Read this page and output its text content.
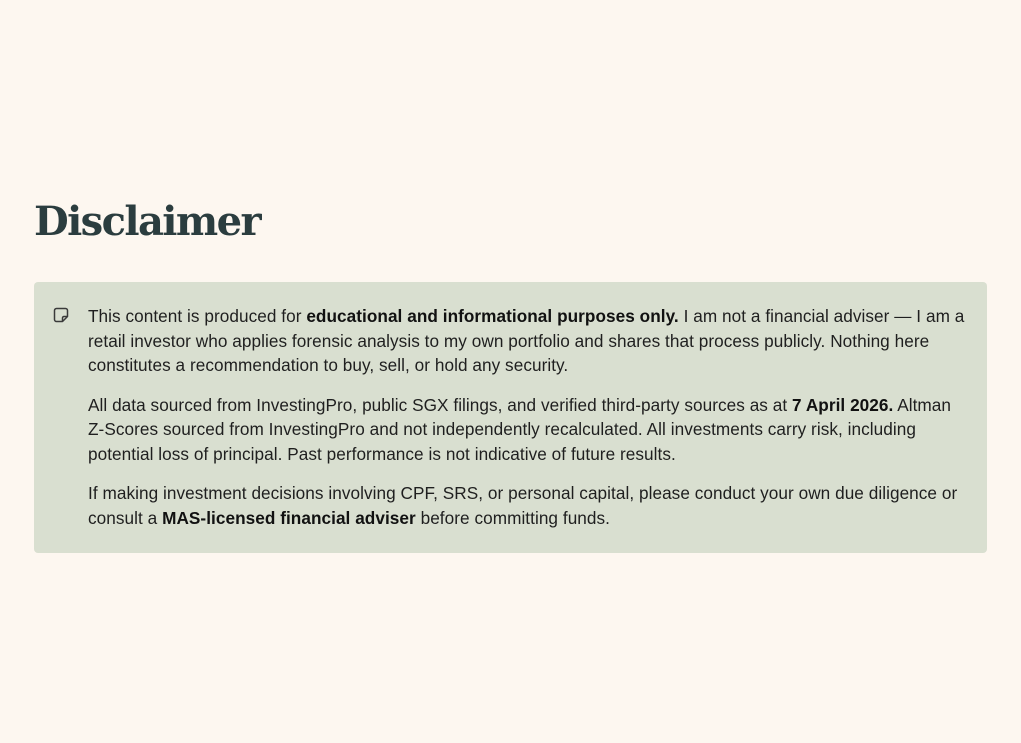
Disclaimer

This content is produced for educational and informational purposes only. I am not a financial adviser — I am a retail investor who applies forensic analysis to my own portfolio and shares that process publicly. Nothing here constitutes a recommendation to buy, sell, or hold any security.

All data sourced from InvestingPro, public SGX filings, and verified third-party sources as at 7 April 2026. Altman Z-Scores sourced from InvestingPro and not independently recalculated. All investments carry risk, including potential loss of principal. Past performance is not indicative of future results.

If making investment decisions involving CPF, SRS, or personal capital, please conduct your own due diligence or consult a MAS-licensed financial adviser before committing funds.
